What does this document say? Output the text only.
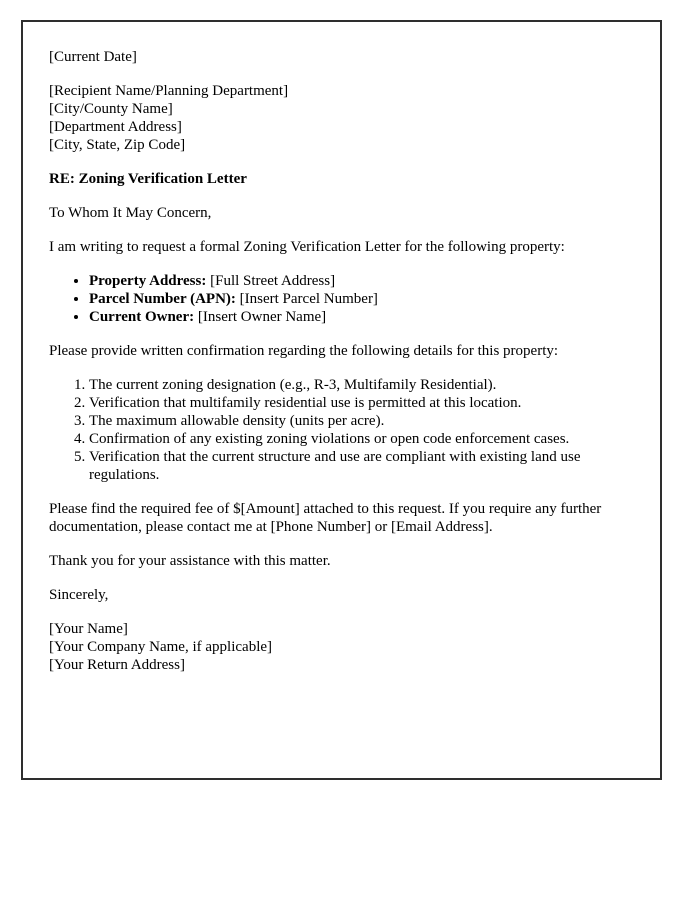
[Current Date]

[Recipient Name/Planning Department]
[City/County Name]
[Department Address]
[City, State, Zip Code]

RE: Zoning Verification Letter

To Whom It May Concern,

I am writing to request a formal Zoning Verification Letter for the following property:

• Property Address: [Full Street Address]
• Parcel Number (APN): [Insert Parcel Number]
• Current Owner: [Insert Owner Name]

Please provide written confirmation regarding the following details for this property:

1. The current zoning designation (e.g., R-3, Multifamily Residential).
2. Verification that multifamily residential use is permitted at this location.
3. The maximum allowable density (units per acre).
4. Confirmation of any existing zoning violations or open code enforcement cases.
5. Verification that the current structure and use are compliant with existing land use regulations.

Please find the required fee of $[Amount] attached to this request. If you require any further documentation, please contact me at [Phone Number] or [Email Address].

Thank you for your assistance with this matter.

Sincerely,

[Your Name]
[Your Company Name, if applicable]
[Your Return Address]
